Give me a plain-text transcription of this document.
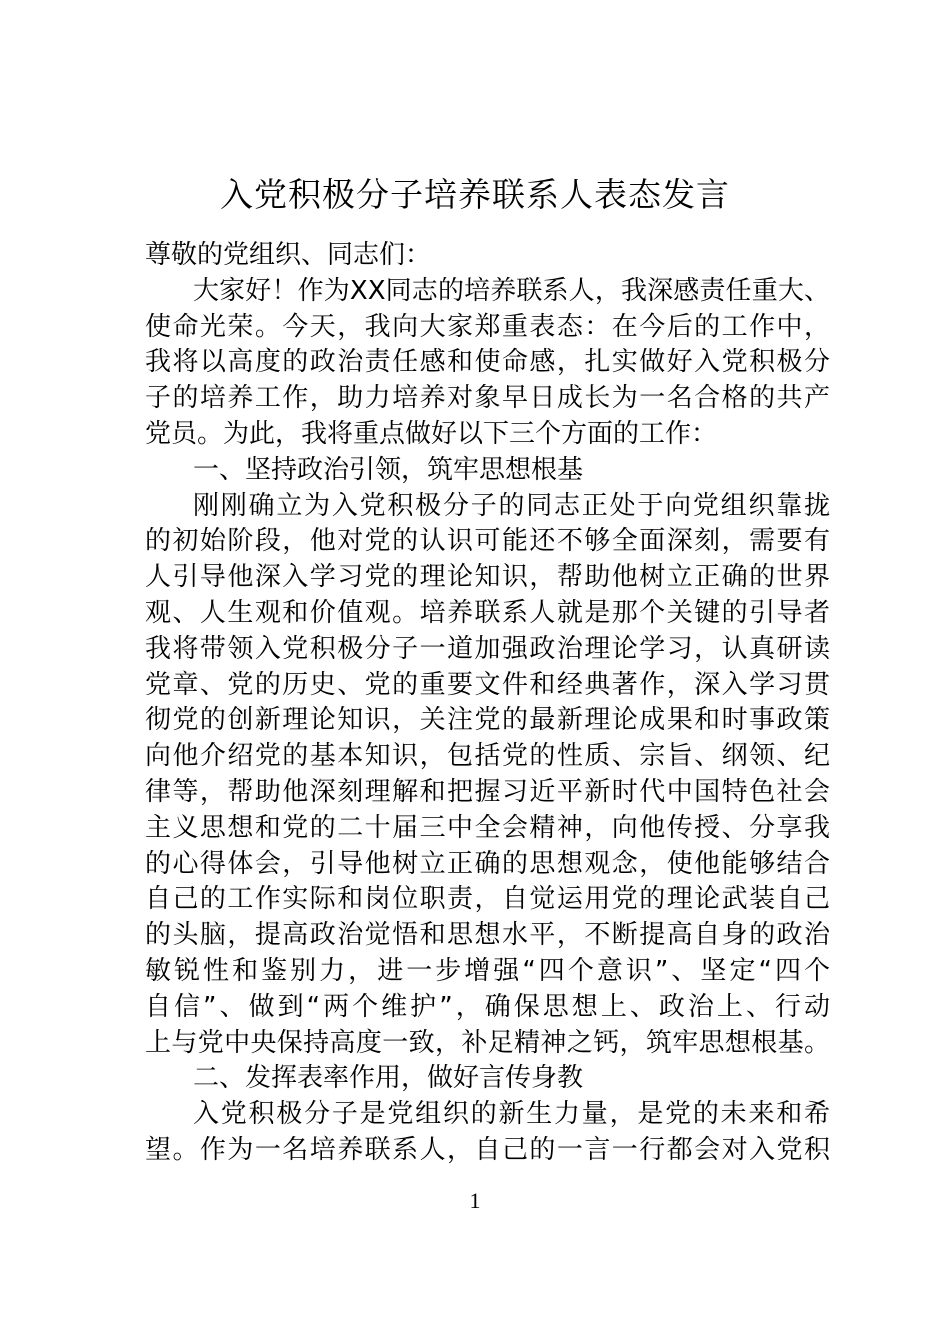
入党积极分子培养联系人表态发言
尊敬的党组织、同志们：
大家好！作为XX同志的培养联系人，我深感责任重大、
使命光荣。今天，我向大家郑重表态：在今后的工作中，
我将以高度的政治责任感和使命感，扎实做好入党积极分
子的培养工作，助力培养对象早日成长为一名合格的共产
党员。为此，我将重点做好以下三个方面的工作：
一、坚持政治引领，筑牢思想根基
刚刚确立为入党积极分子的同志正处于向党组织靠拢
的初始阶段，他对党的认识可能还不够全面深刻，需要有
人引导他深入学习党的理论知识，帮助他树立正确的世界
观、人生观和价值观。培养联系人就是那个关键的引导者
我将带领入党积极分子一道加强政治理论学习，认真研读
党章、党的历史、党的重要文件和经典著作，深入学习贯
彻党的创新理论知识，关注党的最新理论成果和时事政策
向他介绍党的基本知识，包括党的性质、宗旨、纲领、纪
律等，帮助他深刻理解和把握习近平新时代中国特色社会
主义思想和党的二十届三中全会精神，向他传授、分享我
的心得体会，引导他树立正确的思想观念，使他能够结合
自己的工作实际和岗位职责，自觉运用党的理论武装自己
的头脑，提高政治觉悟和思想水平，不断提高自身的政治
敏锐性和鉴别力，进一步增强“四个意识”、坚定“四个
自信”、做到“两个维护”，确保思想上、政治上、行动
上与党中央保持高度一致，补足精神之钙，筑牢思想根基。
二、发挥表率作用，做好言传身教
入党积极分子是党组织的新生力量，是党的未来和希
望。作为一名培养联系人，自己的一言一行都会对入党积
1
